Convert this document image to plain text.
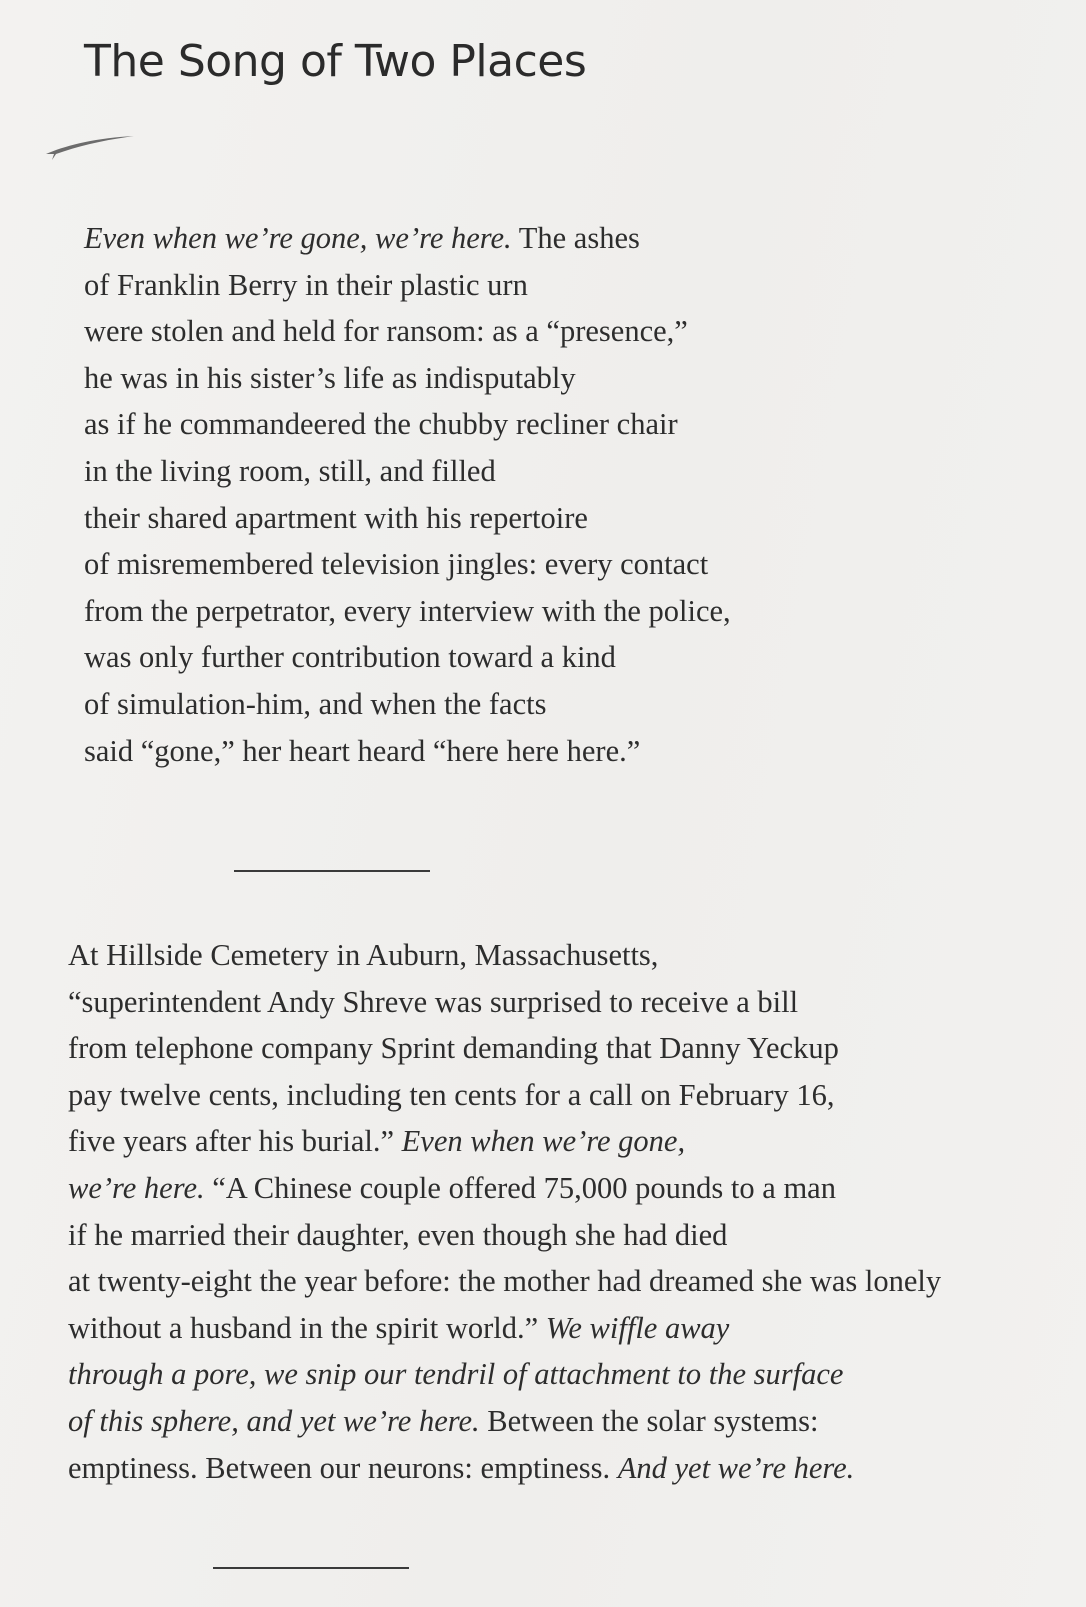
The Song of Two Places
Even when we’re gone, we’re here. The ashes
of Franklin Berry in their plastic urn
were stolen and held for ransom: as a “presence,”
he was in his sister’s life as indisputably
as if he commandeered the chubby recliner chair
in the living room, still, and filled
their shared apartment with his repertoire
of misremembered television jingles: every contact
from the perpetrator, every interview with the police,
was only further contribution toward a kind
of simulation-him, and when the facts
said “gone,” her heart heard “here here here.”
At Hillside Cemetery in Auburn, Massachusetts,
“superintendent Andy Shreve was surprised to receive a bill
from telephone company Sprint demanding that Danny Yeckup
pay twelve cents, including ten cents for a call on February 16,
five years after his burial.” Even when we’re gone,
we’re here. “A Chinese couple offered 75,000 pounds to a man
if he married their daughter, even though she had died
at twenty-eight the year before: the mother had dreamed she was lonely
without a husband in the spirit world.” We wiffle away
through a pore, we snip our tendril of attachment to the surface
of this sphere, and yet we’re here. Between the solar systems:
emptiness. Between our neurons: emptiness. And yet we’re here.
